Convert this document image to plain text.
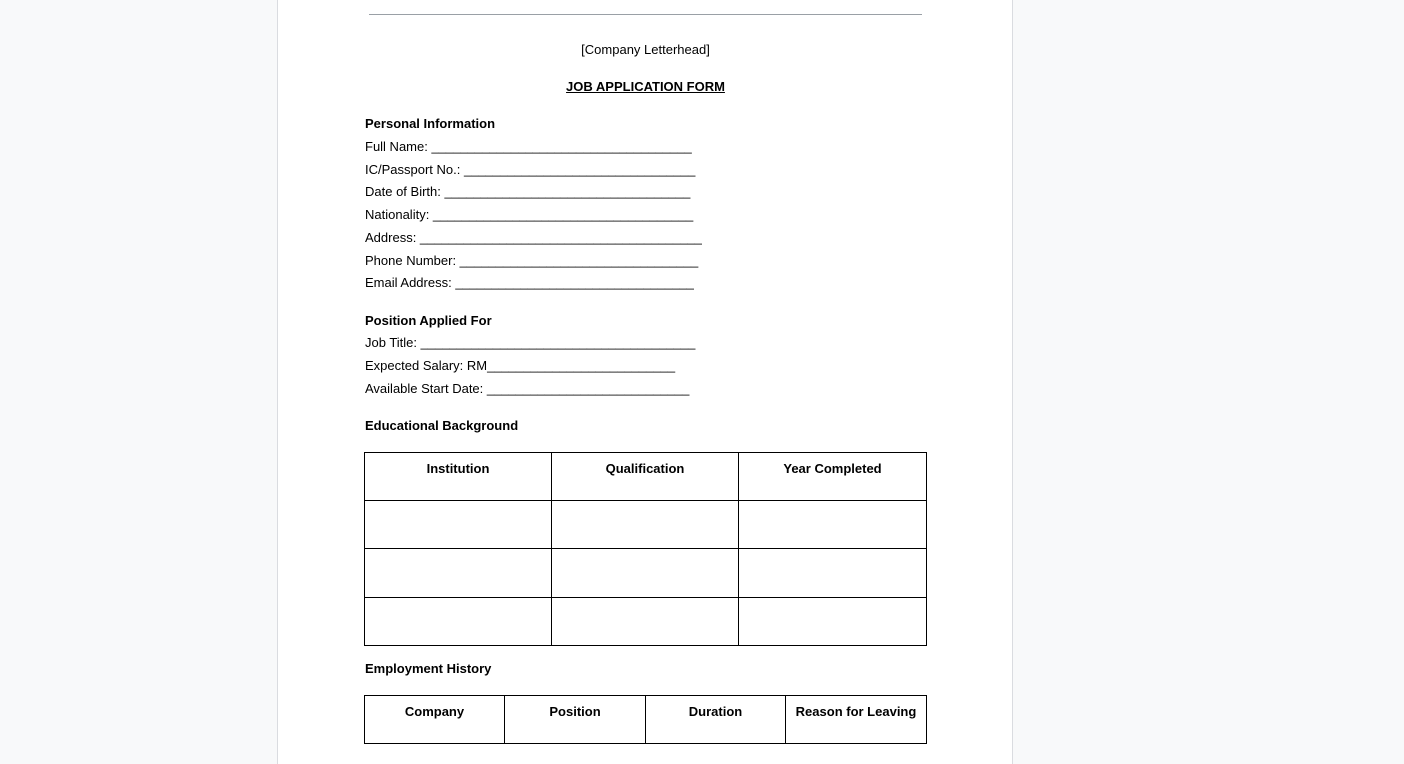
[Company Letterhead]
JOB APPLICATION FORM
Personal Information
Full Name: ____________________________________
IC/Passport No.: ________________________________
Date of Birth: __________________________________
Nationality: ____________________________________
Address: _______________________________________
Phone Number: _________________________________
Email Address: _________________________________
Position Applied For
Job Title: ______________________________________
Expected Salary: RM__________________________
Available Start Date: ____________________________
Educational Background
Institution	Qualification	Year Completed

Employment History
Company	Position	Duration	Reason for Leaving
